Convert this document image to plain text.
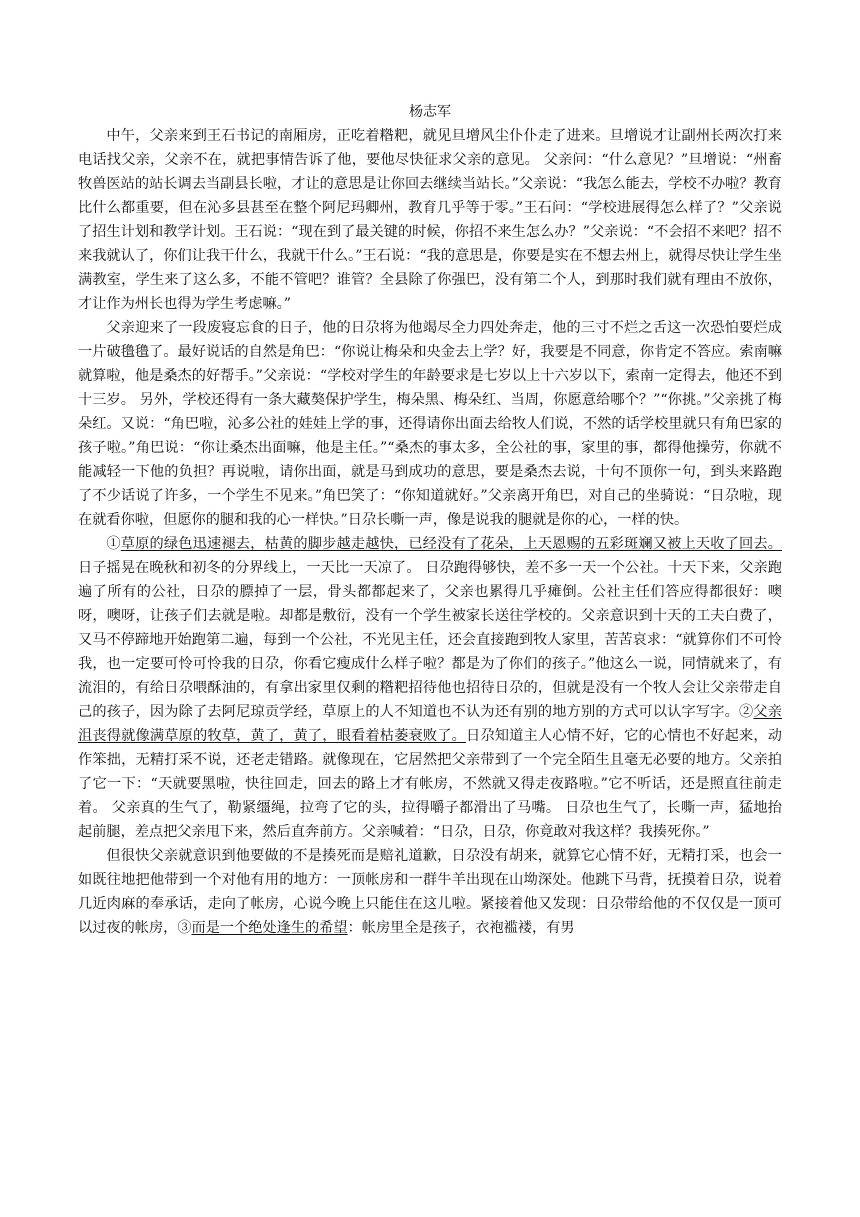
杨志军

中午，父亲来到王石书记的南厢房，正吃着糌粑，就见旦增风尘仆仆走了进来。旦增说才让副州长两次打来电话找父亲，父亲不在，就把事情告诉了他，要他尽快征求父亲的意见。 父亲问：“什么意见？”旦增说：“州畜牧兽医站的站长调去当副县长啦，才让的意思是让你回去继续当站长。”父亲说：“我怎么能去，学校不办啦？教育比什么都重要，但在沁多县甚至在整个阿尼玛卿州，教育几乎等于零。”王石问：“学校进展得怎么样了？”父亲说了招生计划和教学计划。王石说：“现在到了最关键的时候，你招不来生怎么办？”父亲说：“不会招不来吧？招不来我就认了，你们让我干什么，我就干什么。”王石说：“我的意思是，你要是实在不想去州上，就得尽快让学生坐满教室，学生来了这么多，不能不管吧？谁管？全县除了你强巴，没有第二个人，到那时我们就有理由不放你，才让作为州长也得为学生考虑嘛。”

父亲迎来了一段废寝忘食的日子，他的日尕将为他竭尽全力四处奔走，他的三寸不烂之舌这一次恐怕要烂成一片破氇氇了。最好说话的自然是角巴：“你说让梅朵和央金去上学？好，我要是不同意，你肯定不答应。索南嘛就算啦，他是桑杰的好帮手。”父亲说：“学校对学生的年龄要求是七岁以上十六岁以下，索南一定得去，他还不到十三岁。 另外，学校还得有一条大藏獒保护学生，梅朵黑、梅朵红、当周，你愿意给哪个？”“你挑。”父亲挑了梅朵红。又说：“角巴啦，沁多公社的娃娃上学的事，还得请你出面去给牧人们说，不然的话学校里就只有角巴家的孩子啦。”角巴说：“你让桑杰出面嘛，他是主任。”“桑杰的事太多，全公社的事，家里的事，都得他操劳，你就不能减轻一下他的负担？再说啦，请你出面，就是马到成功的意思，要是桑杰去说，十句不顶你一句，到头来路跑了不少话说了许多，一个学生不见来。”角巴笑了：“你知道就好。”父亲离开角巴，对自己的坐骑说：“日尕啦，现在就看你啦，但愿你的腿和我的心一样快。”日尕长嘶一声，像是说我的腿就是你的心，一样的快。

①草原的绿色迅速褪去，枯黄的脚步越走越快，已经没有了花朵，上天恩赐的五彩斑斓又被上天收了回去。日子摇晃在晚秋和初冬的分界线上，一天比一天凉了。 日尕跑得够快，差不多一天一个公社。十天下来，父亲跑遍了所有的公社，日尕的膘掉了一层，骨头都都起来了，父亲也累得几乎瘫倒。公社主任们答应得都很好：噢呀，噢呀，让孩子们去就是啦。却都是敷衍，没有一个学生被家长送往学校的。父亲意识到十天的工夫白费了，又马不停蹄地开始跑第二遍，每到一个公社，不光见主任，还会直接跑到牧人家里，苦苦哀求：“就算你们不可怜我，也一定要可怜可怜我的日尕，你看它瘦成什么样子啦？都是为了你们的孩子。”他这么一说，同情就来了，有流泪的，有给日尕喂酥油的，有拿出家里仅剩的糌粑招待他也招待日尕的，但就是没有一个牧人会让父亲带走自己的孩子，因为除了去阿尼琼贡学经，草原上的人不知道也不认为还有别的地方别的方式可以认字写字。②父亲沮丧得就像满草原的牧草，黄了，黄了，眼看着枯萎衰败了。日尕知道主人心情不好，它的心情也不好起来，动作笨拙，无精打采不说，还老走错路。就像现在，它居然把父亲带到了一个完全陌生且毫无必要的地方。父亲拍了它一下：“天就要黑啦，快往回走，回去的路上才有帐房，不然就又得走夜路啦。”它不听话，还是照直往前走着。 父亲真的生气了，勒紧缰绳，拉弯了它的头，拉得嚼子都滑出了马嘴。 日尕也生气了，长嘶一声，猛地抬起前腿，差点把父亲甩下来，然后直奔前方。父亲喊着：“日尕，日尕，你竟敢对我这样？我揍死你。”

但很快父亲就意识到他要做的不是揍死而是赔礼道歉，日尕没有胡来，就算它心情不好，无精打采，也会一如既往地把他带到一个对他有用的地方：一顶帐房和一群牛羊出现在山坳深处。他跳下马背，抚摸着日尕，说着几近肉麻的奉承话，走向了帐房，心说今晚上只能住在这儿啦。紧接着他又发现：日尕带给他的不仅仅是一顶可以过夜的帐房，③而是一个绝处逢生的希望：帐房里全是孩子，衣袍褴褛，有男
